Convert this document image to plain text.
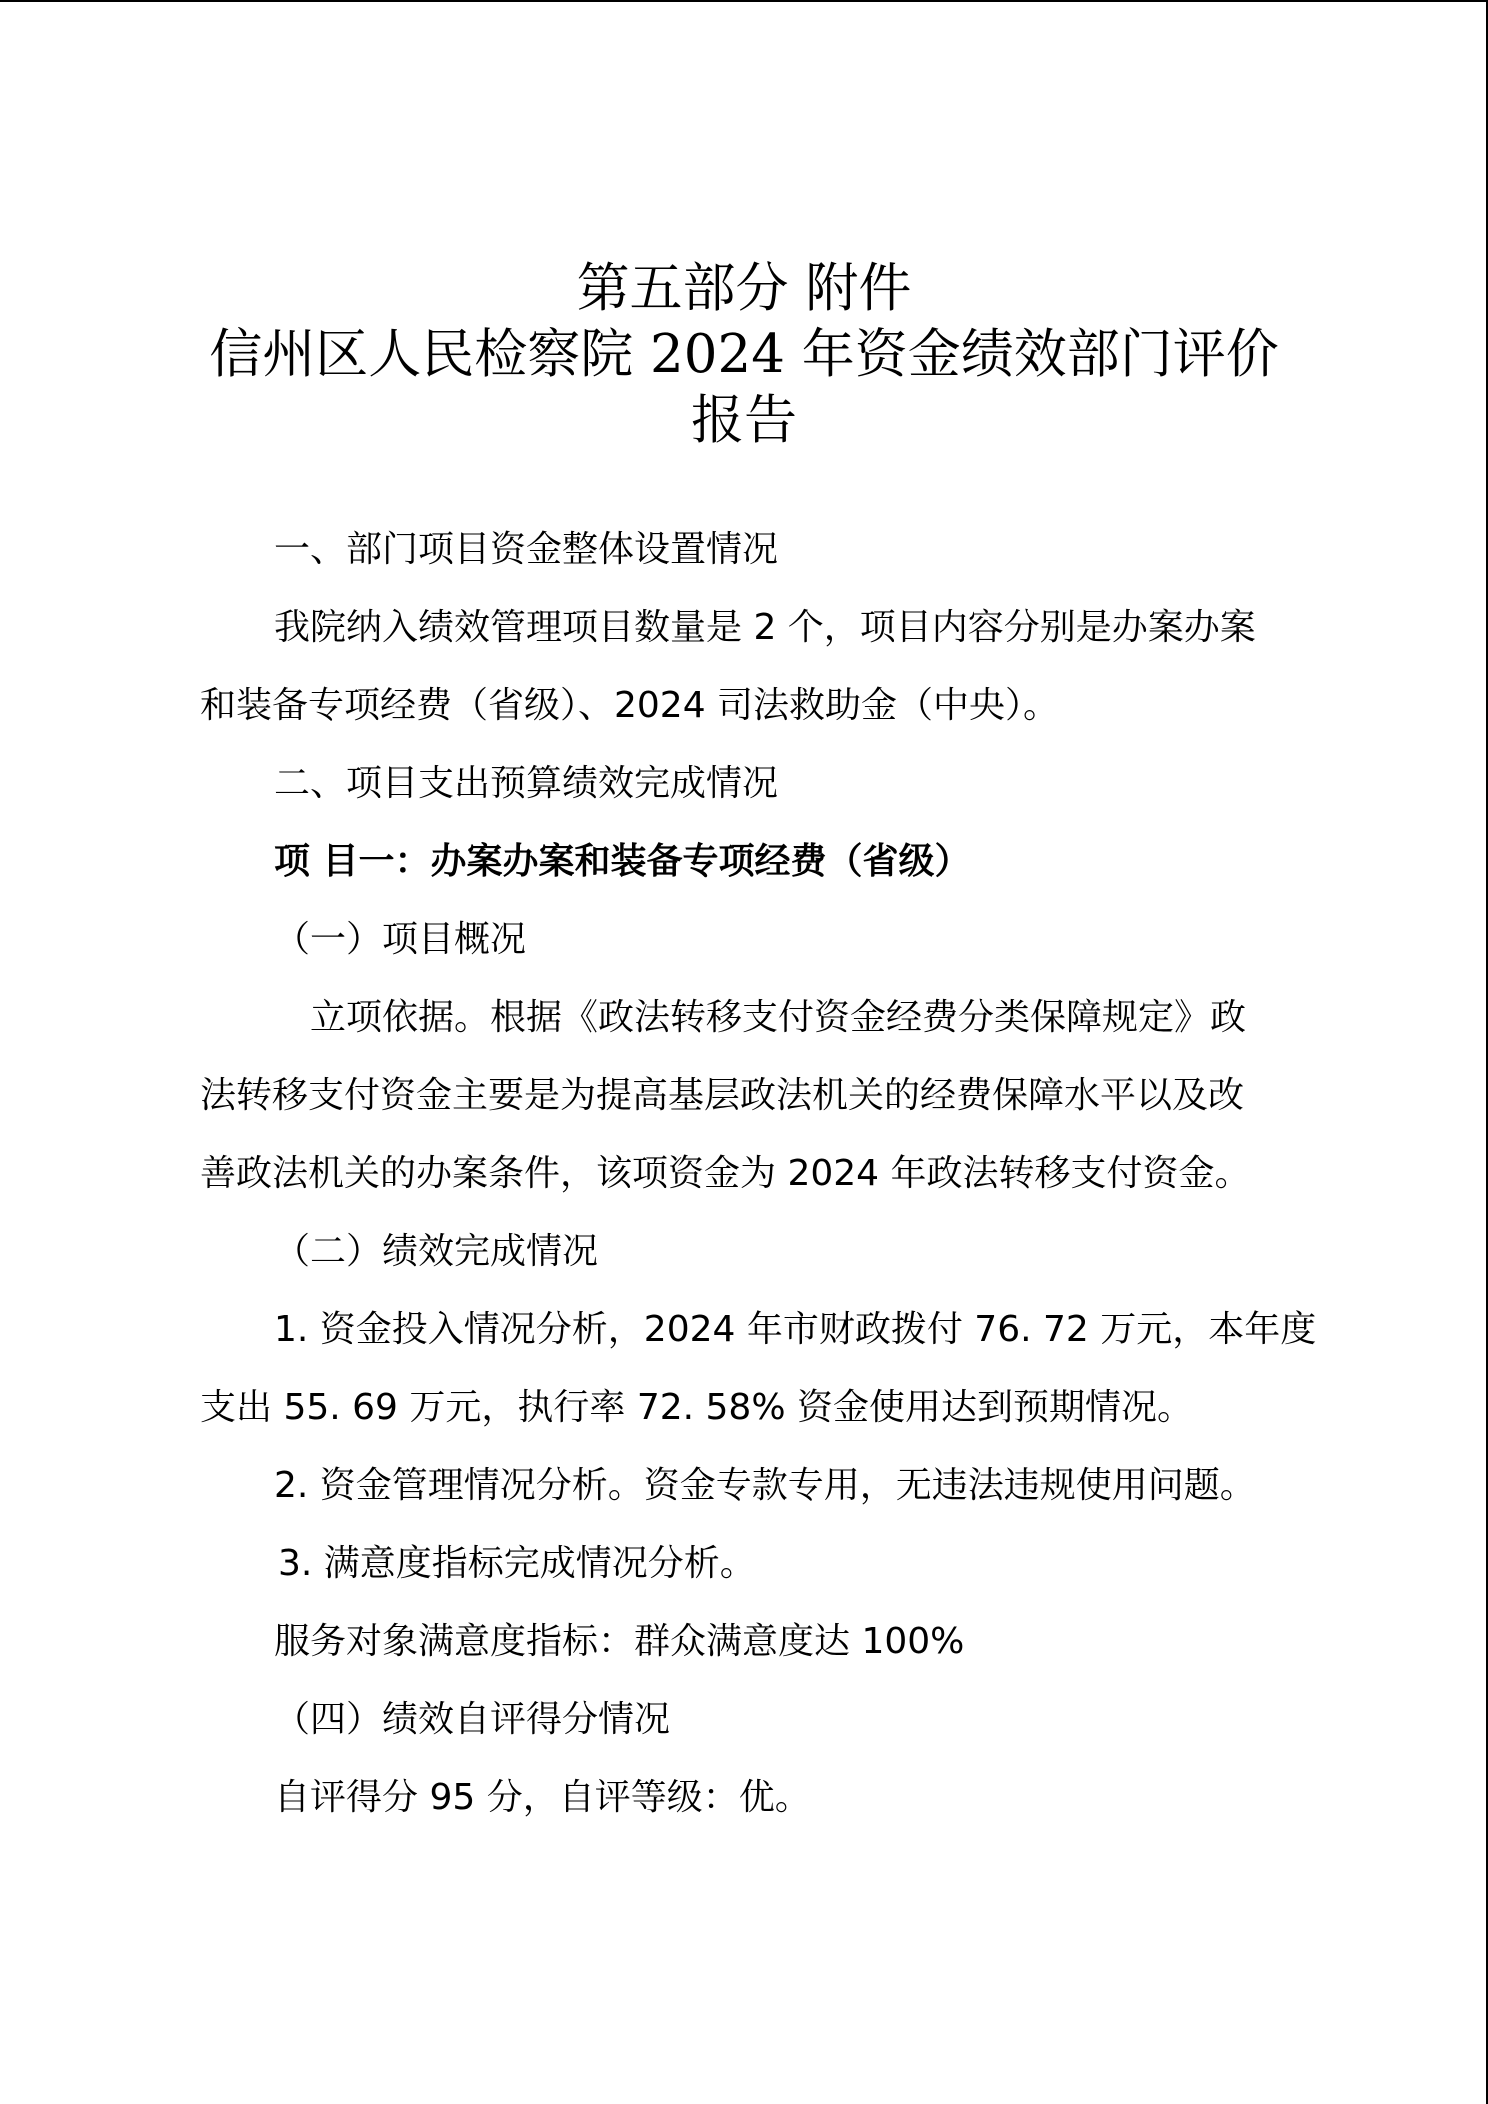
第五部分 附件
信州区人民检察院 2024 年资金绩效部门评价
报告
一、部门项目资金整体设置情况
我院纳入绩效管理项目数量是 2 个，项目内容分别是办案办案
和装备专项经费（省级）、2024 司法救助金（中央）。
二、项目支出预算绩效完成情况
项 目一：办案办案和装备专项经费（省级）
（一）项目概况
立项依据。根据《政法转移支付资金经费分类保障规定》政
法转移支付资金主要是为提高基层政法机关的经费保障水平以及改
善政法机关的办案条件，该项资金为 2024 年政法转移支付资金。
（二）绩效完成情况
1. 资金投入情况分析，2024 年市财政拨付 76. 72 万元，本年度
支出 55. 69 万元，执行率 72. 58% 资金使用达到预期情况。
2. 资金管理情况分析。资金专款专用，无违法违规使用问题。
3. 满意度指标完成情况分析。
服务对象满意度指标：群众满意度达 100%
（四）绩效自评得分情况
自评得分 95 分，自评等级：优。
